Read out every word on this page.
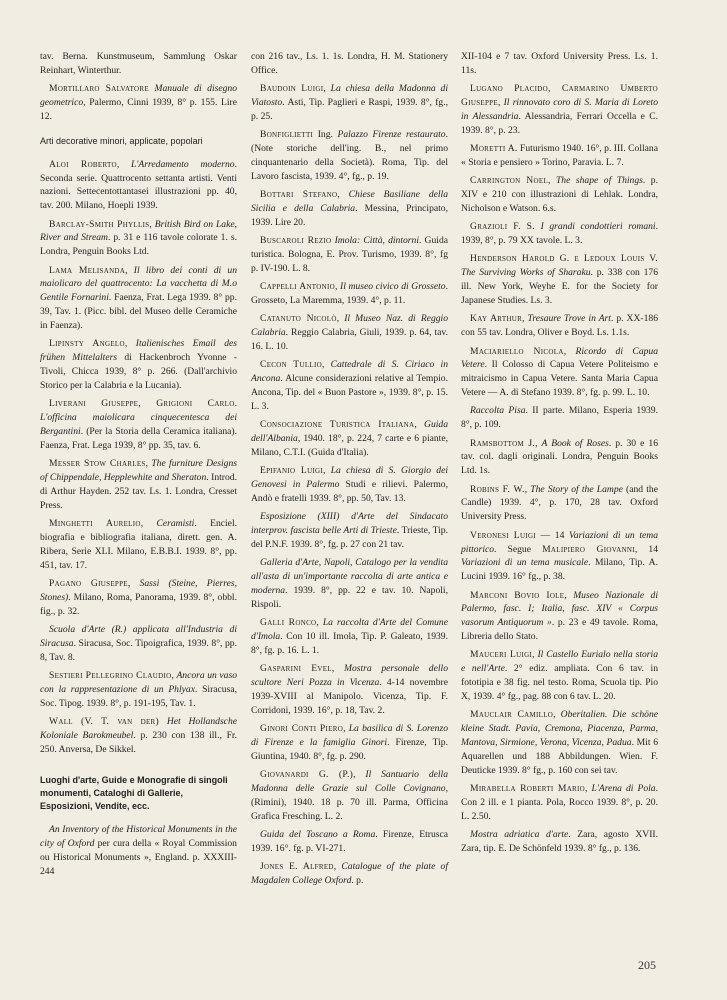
tav. Berna. Kunstmuseum, Sammlung Oskar Reinhart, Winterthur.

Mortillaro Salvatore Manuale di disegno geometrico, Palermo, Cinni 1939, 8° p. 155. Lire 12.

Arti decorative minori, applicate, popolari

Aloi Roberto, L'Arredamento moderno. Seconda serie. Quattrocento settanta artisti. Venti nazioni. Settecentottantasei illustrazioni pp. 40, tav. 200. Milano, Hoepli 1939.

Barclay-Smith Phyllis, British Bird on Lake, River and Stream. p. 31 e 116 tavole colorate 1. s. Londra, Penguin Books Ltd.

Lama Melisanda, Il libro dei conti di un maiolicaro del quattrocento: La vacchetta di M.o Gentile Fornarini. Faenza, Frat. Lega 1939. 8° pp. 39, Tav. 1. (Picc. bibl. del Museo delle Ceramiche in Faenza).

Lipinsty Angelo, Italienisches Email des frühen Mittelalters di Hackenbroch Yvonne - Tivoli, Chicca 1939, 8° p. 266. (Dall'archivio Storico per la Calabria e la Lucania).

Liverani Giuseppe, Grigioni Carlo. L'officina maiolicara cinquecentesca dei Bergantini. (Per la Storia della Ceramica italiana). Faenza, Frat. Lega 1939, 8° pp. 35, tav. 6.

Messer Stow Charles, The furniture Designs of Chippendale, Hepplewhite and Sheraton. Introd. di Arthur Hayden. 252 tav. Ls. 1. Londra, Cresset Press.

Minghetti Aurelio, Ceramisti. Enciel. biografia e bibliografia italiana, dirett. gen. A. Ribera, Serie XLI. Milano, E.B.B.I. 1939. 8°, pp. 451, tav. 17.

Pagano Giuseppe, Sassi (Steine, Pierres, Stones). Milano, Roma, Panorama, 1939. 8°, obbl. fig., p. 32.

Scuola d'Arte (R.) applicata all'Industria di Siracusa. Siracusa, Soc. Tipoigrafica, 1939. 8°, pp. 8, Tav. 8.

Sestieri Pellegrino Claudio, Ancora un vaso con la rappresentazione di un Phlyax. Siracusa, Soc. Tipog. 1939. 8°, p. 191-195, Tav. 1.

Wall (V. T. van der) Het Hollandsche Koloniale Barokmeubel. p. 230 con 138 ill., Fr. 250. Anversa, De Sikkel.

Luoghi d'arte, Guide e Monografie di singoli monumenti, Cataloghi di Gallerie, Esposizioni, Vendite, ecc.

An Inventory of the Historical Monuments in the city of Oxford per cura della « Royal Commission ou Historical Monuments », England. p. XXXIII-244

con 216 tav., Ls. 1. 1s. Londra, H. M. Stationery Office.

Baudoin Luigi, La chiesa della Madonna di Viatosto. Asti, Tip. Paglieri e Raspi, 1939. 8°, fg., p. 25.

Bonfiglietti Ing. Palazzo Firenze restaurato. (Note storiche dell'ing. B., nel primo cinquantenario della Società). Roma, Tip. del Lavoro fascista, 1939. 4°, fg., p. 19.

Bottari Stefano, Chiese Basiliane della Sicilia e della Calabria. Messina, Principato, 1939. Lire 20.

Buscaroli Rezio Imola: Città, dintorni. Guida turistica. Bologna, E. Prov. Turismo, 1939. 8°, fg p. IV-190. L. 8.

Cappelli Antonio, Il museo civico di Grosseto. Grosseto, La Maremma, 1939. 4°, p. 11.

Catanuto Nicolò, Il Museo Naz. di Reggio Calabria. Reggio Calabria, Giuli, 1939. p. 64, tav. 16. L. 10.

Cecon Tullio, Cattedrale di S. Ciriaco in Ancona. Alcune considerazioni relative al Tempio. Ancona, Tip. del « Buon Pastore », 1939. 8°, p. 15. L. 3.

Consociazione Turistica Italiana, Guida dell'Albania, 1940. 18°, p. 224, 7 carte e 6 piante, Milano, C.T.I. (Guida d'Italia).

Epifanio Luigi, La chiesa di S. Giorgio dei Genovesi in Palermo Studi e rilievi. Palermo, Andò e fratelli 1939. 8°, pp. 50, Tav. 13.

Esposizione (XIII) d'Arte del Sindacato interprov. fascista belle Arti di Trieste. Trieste, Tip. del P.N.F. 1939. 8°, fg. p. 27 con 21 tav.

Galleria d'Arte, Napoli, Catalogo per la vendita all'asta di un'importante raccolta di arte antica e moderna. 1939. 8°, pp. 22 e tav. 10. Napoli, Rispoli.

Galli Ronco, La raccolta d'Arte del Comune d'Imola. Con 10 ill. Imola, Tip. P. Galeato, 1939. 8°, fg. p. 16. L. 1.

Gasparini Evel, Mostra personale dello scultore Neri Pozza in Vicenza. 4-14 novembre 1939-XVIII al Manipolo. Vicenza, Tip. F. Corridoni, 1939. 16°, p. 18, Tav. 2.

Ginori Conti Piero, La basilica di S. Lorenzo di Firenze e la famiglia Ginori. Firenze, Tip. Giuntina, 1940. 8°, fg. p. 290.

Giovanardi G. (P.), Il Santuario della Madonna delle Grazie sul Colle Covignano, (Rimini), 1940. 18 p. 70 ill. Parma, Officina Grafica Fresching. L. 2.

Guida del Toscano a Roma. Firenze, Etrusca 1939. 16°. fg. p. VI-271.

Jones E. Alfred, Catalogue of the plate of Magdalen College Oxford. p.

XII-104 e 7 tav. Oxford University Press. Ls. 1. 11s.

Lugano Placido, Carmarino Umberto Giuseppe, Il rinnovato coro di S. Maria di Loreto in Alessandria. Alessandria, Ferrari Occella e C. 1939. 8°, p. 23.

Moretti A. Futurismo 1940. 16°, p. III. Collana « Storia e pensiero » Torino, Paravia. L. 7.

Carrington Noel, The shape of Things. p. XIV e 210 con illustrazioni di Lehlak. Londra, Nicholson e Watson. 6.s.

Grazioli F. S. I grandi condottieri romani. 1939, 8°, p. 79 XX tavole. L. 3.

Henderson Harold G. e Ledoux Louis V. The Surviving Works of Sharaku. p. 338 con 176 ill. New York, Weyhe E. for the Society for Japanese Studies. Ls. 3.

Kay Arthur, Tresaure Trove in Art. p. XX-186 con 55 tav. Londra, Oliver e Boyd. Ls. 1.1s.

Maciariello Nicola, Ricordo di Capua Vetere. Il Colosso di Capua Vetere Politeismo e mitraicismo in Capua Vetere. Santa Maria Capua Vetere — A. di Stefano 1939. 8°, fg. p. 99. L. 10.

Raccolta Pisa. II parte. Milano, Esperia 1939. 8°, p. 109.

Ramsbottom J., A Book of Roses. p. 30 e 16 tav. col. dagli originali. Londra, Penguin Books Ltd. 1s.

Robins F. W., The Story of the Lampe (and the Candle) 1939. 4°, p. 170, 28 tav. Oxford University Press.

Veronesi Luigi — 14 Variazioni di un tema pittorico. Segue Malipiero Giovanni, 14 Variazioni di un tema musicale. Milano, Tip. A. Lucini 1939. 16° fg., p. 38.

Marconi Bovio Iole, Museo Nazionale di Palermo, fasc. I; Italia, fasc. XIV « Corpus vasorum Antiquorum ». p. 23 e 49 tavole. Roma, Libreria dello Stato.

Mauceri Luigi, Il Castello Eurialo nella storia e nell'Arte. 2° ediz. ampliata. Con 6 tav. in fototipia e 38 fig. nel testo. Roma, Scuola tip. Pio X, 1939. 4° fg., pag. 88 con 6 tav. L. 20.

Mauclair Camillo, Oberitalien. Die schöne kleine Stadt. Pavia, Cremona, Piacenza, Parma, Mantova, Sirmione, Verona, Vicenza, Padua. Mit 6 Aquarellen und 188 Abbildungen. Wien. F. Deuticke 1939. 8° fg., p. 160 con sei tav.

Mirabella Roberti Mario, L'Arena di Pola. Con 2 ill. e 1 pianta. Pola, Rocco 1939. 8°, p. 20. L. 2.50.

Mostra adriatica d'arte. Zara, agosto XVII. Zara, tip. E. De Schönfeld 1939. 8° fg., p. 136.

205
